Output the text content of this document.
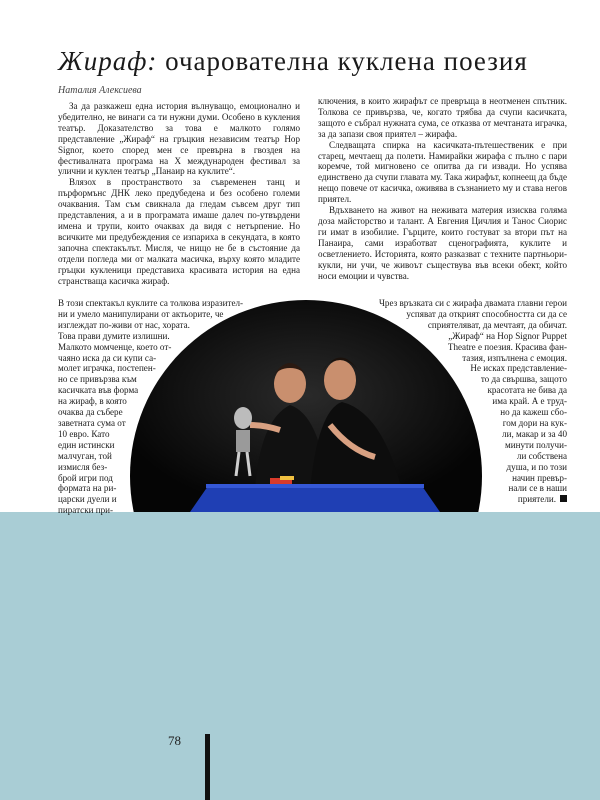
Жираф: очарователна куклена поезия
Наталия Алексиева

За да разкажеш една история вълнуващо, емоционално и убедително, не винаги са ти нужни думи. Особено в кукления театър. Доказателство за това е малкото голямо представление „Жираф“ на гръцкия независим театър Hop Signor, което според мен се превърна в гвоздея на фестивалната програма на X международен фестивал за улични и куклен театър „Панаир на куклите“.

Влязох в пространството за съвременен танц и пърформънс ДНК леко предубедена и без особено големи очаквания. Там съм свикнала да гледам съвсем друг тип представления, а и в програмата имаше далеч по-утвърдени имена и трупи, които очаквах да видя с нетърпение. Но всичките ми предубеждения се изпариха в секундата, в която започна спектакълът. Мисля, че нищо не бе в състояние да отдели погледа ми от малката масичка, върху която младите гръцки кукленици представиха красивата история на една странстваща касичка жираф.

ключения, в които жирафът се превръща в неотменен спътник. Толкова се привързва, че, когато трябва да счупи касичката, защото е събрал нужната сума, се отказва от мечтаната играчка, за да запази своя приятел – жирафа.

Следващата спирка на касичката-пътешественик е при старец, мечтаещ да полети. Намирайки жирафа с пълно с пари коремче, той мигновено се опитва да ги извади. Но успява единствено да счупи главата му. Така жирафът, копнеещ да бъде нещо повече от касичка, оживява в съзнанието му и става негов приятел.

Вдъхването на живот на неживата материя изисква голяма доза майсторство и талант. А Евгения Цичлия и Танос Сиорис ги имат в изобилие. Гърците, които гостуват за втори път на Панаира, сами изработват сценографията, куклите и осветлението. Историята, която разказват с техните партньори-кукли, ни учи, че живоът съществува във всеки обект, който носи емоции и чувства.

В този спектакъл куклите са толкова изразител-
ни и умело манипулирани от актьорите, че
изглеждат по-живи от нас, хората.
Това прави думите излишни.
Малкото момченце, което от-
чаяно иска да си купи са-
молет играчка, постепен-
но се привързва към
касичката във форма
на жираф, в която
очаква да събере
заветната сума от
10 евро. Като
един истински
малчуган, той
измисля без-
брой игри под
формата на ри-
царски дуели и
пиратски при-
Чрез връзката си с жирафа двамата главни герои
успяват да открият способността си да се
сприятеляват, да мечтаят, да обичат.
„Жираф“ на Hop Signor Puppet
Theatre е поезия. Красива фан-
тазия, изпълнена с емоция.
Не исках представление-
то да свършва, защото
красотата не бива да
има край. А е труд-
но да кажеш сбо-
гом дори на кук-
ли, макар и за 40
минути получи-
ли собствена
душа, и по този
начин превър-
нали се в наши
приятели.
78
